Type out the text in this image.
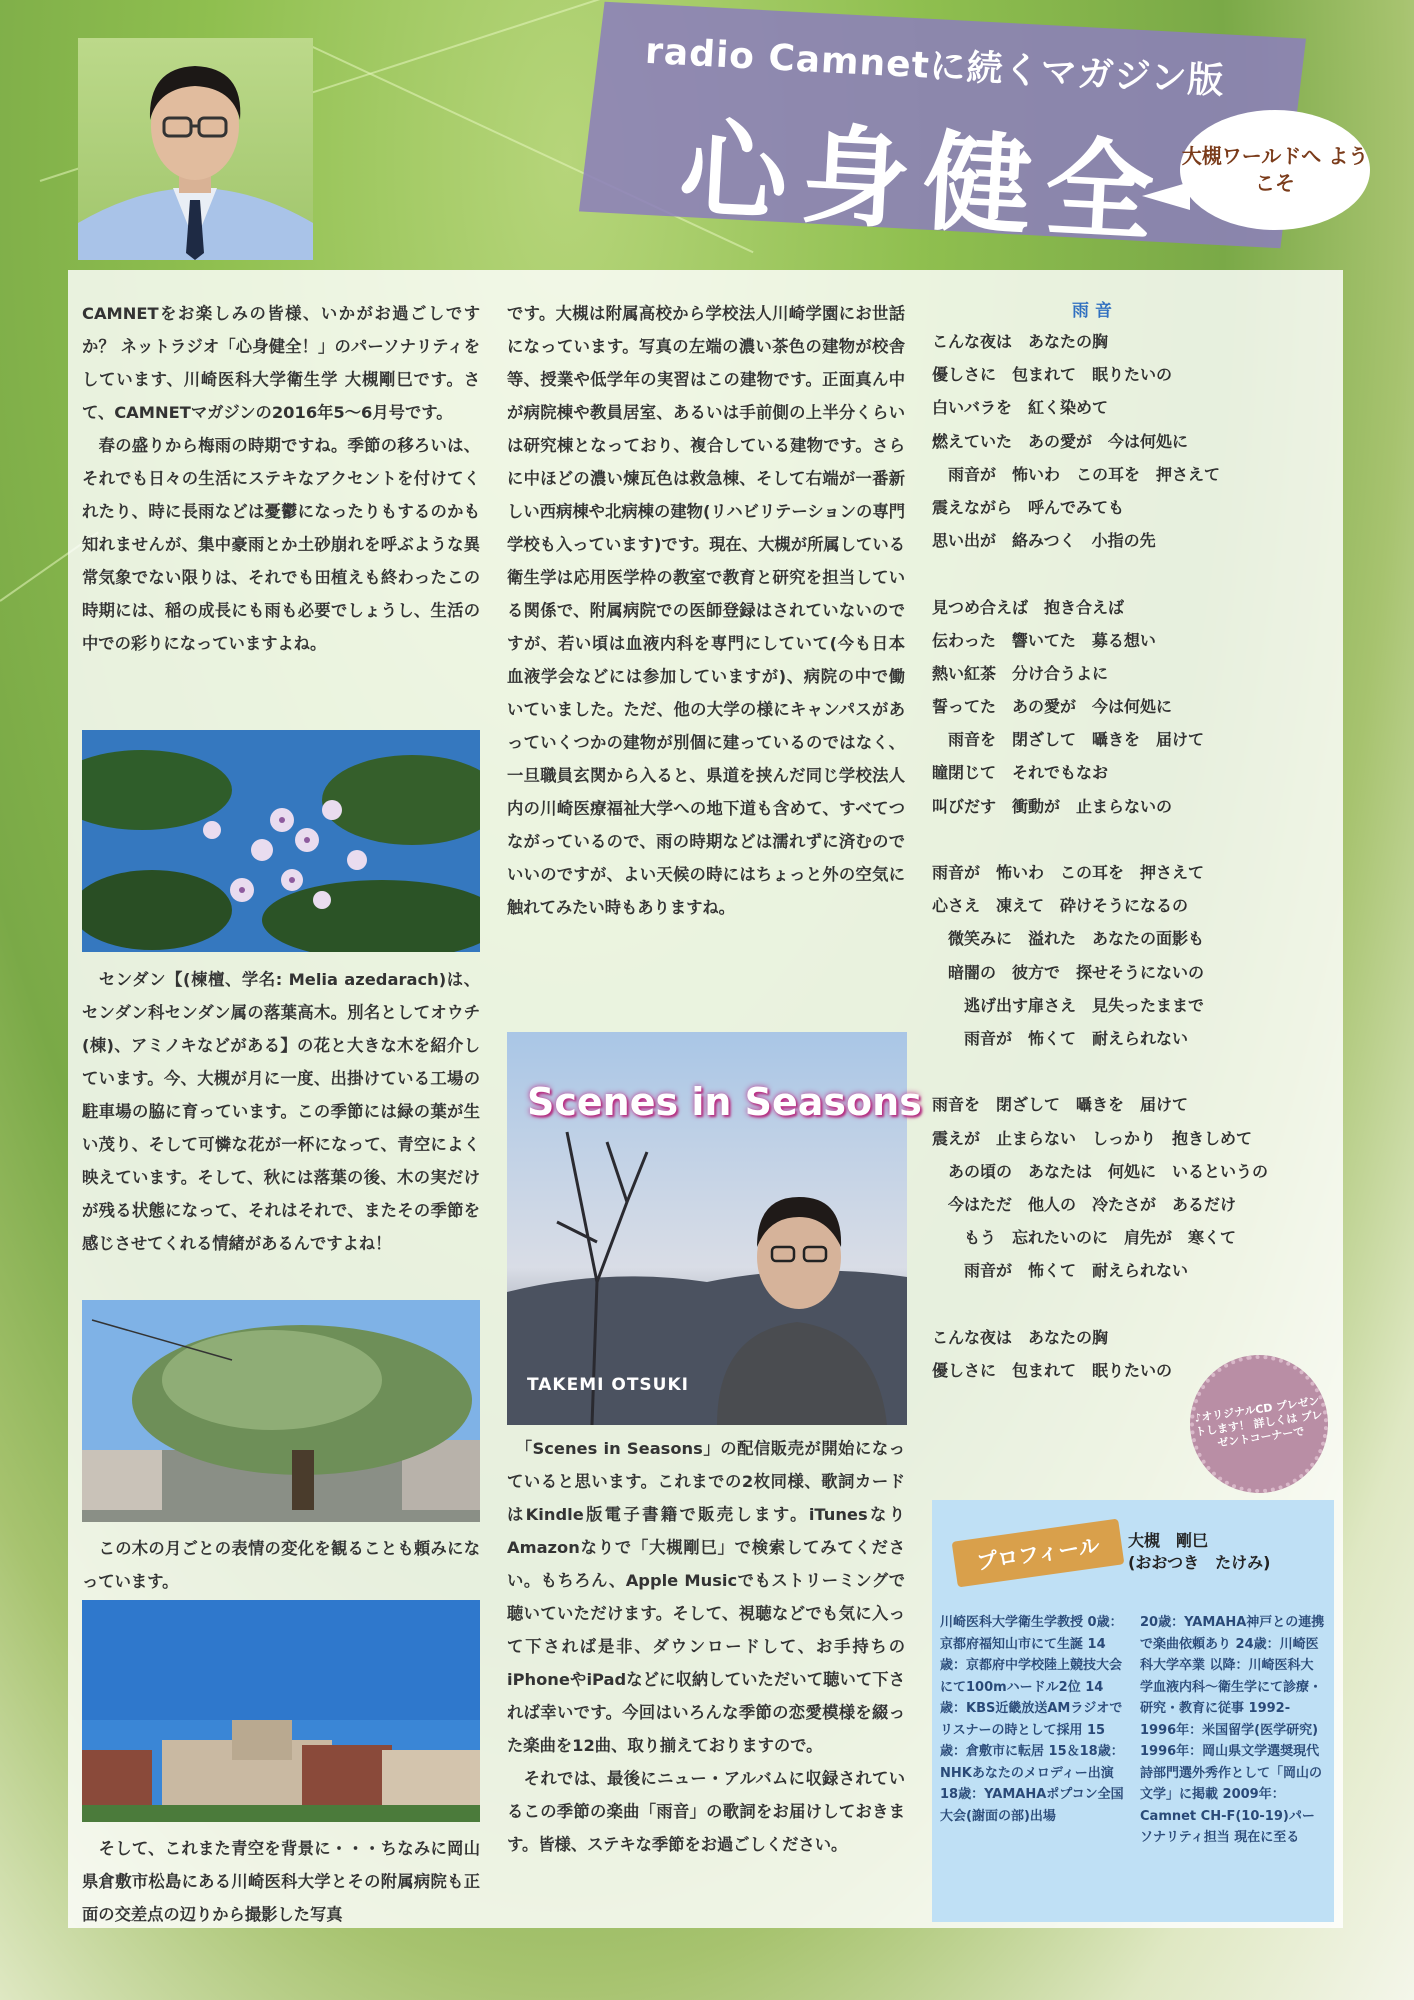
radio Camnetに続くマガジン版
心身健全 大槻ワールドへ ようこそ

CAMNETをお楽しみの皆様、いかがお過ごしですか？ ネットラジオ「心身健全！」のパーソナリティをしています、川崎医科大学衛生学 大槻剛巳です。さて、CAMNETマガジンの2016年5～6月号です。

　春の盛りから梅雨の時期ですね。季節の移ろいは、それでも日々の生活にステキなアクセントを付けてくれたり、時に長雨などは憂鬱になったりもするのかも知れませんが、集中豪雨とか土砂崩れを呼ぶような異常気象でない限りは、それでも田植えも終わったこの時期には、稲の成長にも雨も必要でしょうし、生活の中での彩りになっていますよね。

　センダン【(楝檀、学名: Melia azedarach)は、センダン科センダン属の落葉高木。別名としてオウチ(棟)、アミノキなどがある】の花と大きな木を紹介しています。今、大槻が月に一度、出掛けている工場の駐車場の脇に育っています。この季節には緑の葉が生い茂り、そして可憐な花が一杯になって、青空によく映えています。そして、秋には落葉の後、木の実だけが残る状態になって、それはそれで、またその季節を感じさせてくれる情緒があるんですよね！

　この木の月ごとの表情の変化を観ることも頼みになっています。

　そして、これまた青空を背景に・・・ちなみに岡山県倉敷市松島にある川崎医科大学とその附属病院も正面の交差点の辺りから撮影した写真

です。大槻は附属高校から学校法人川崎学園にお世話になっています。写真の左端の濃い茶色の建物が校舎等、授業や低学年の実習はこの建物です。正面真ん中が病院棟や教員居室、あるいは手前側の上半分くらいは研究棟となっており、複合している建物です。さらに中ほどの濃い煉瓦色は救急棟、そして右端が一番新しい西病棟や北病棟の建物(リハビリテーションの専門学校も入っています)です。現在、大槻が所属している衛生学は応用医学枠の教室で教育と研究を担当している関係で、附属病院での医師登録はされていないのですが、若い頃は血液内科を専門にしていて(今も日本血液学会などには参加していますが)、病院の中で働いていました。ただ、他の大学の様にキャンパスがあっていくつかの建物が別個に建っているのではなく、一旦職員玄関から入ると、県道を挟んだ同じ学校法人内の川崎医療福祉大学への地下道も含めて、すべてつながっているので、雨の時期などは濡れずに済むのでいいのですが、よい天候の時にはちょっと外の空気に触れてみたい時もありますね。

Scenes in Seasons
TAKEMI OTSUKI

　「Scenes in Seasons」の配信販売が開始になっていると思います。これまでの2枚同様、歌詞カードはKindle版電子書籍で販売します。iTunesなりAmazonなりで「大槻剛巳」で検索してみてください。もちろん、Apple Musicでもストリーミングで聴いていただけます。そして、視聴などでも気に入って下されば是非、ダウンロードして、お手持ちのiPhoneやiPadなどに収納していただいて聴いて下されば幸いです。今回はいろんな季節の恋愛模様を綴った楽曲を12曲、取り揃えておりますので。

　それでは、最後にニュー・アルバムに収録されているこの季節の楽曲「雨音」の歌詞をお届けしておきます。皆様、ステキな季節をお過ごしください。

雨 音
こんな夜は　あなたの胸
優しさに　包まれて　眠りたいの
白いバラを　紅く染めて
燃えていた　あの愛が　今は何処に
　雨音が　怖いわ　この耳を　押さえて
震えながら　呼んでみても
思い出が　絡みつく　小指の先
見つめ合えば　抱き合えば
伝わった　響いてた　募る想い
熱い紅茶　分け合うよに
誓ってた　あの愛が　今は何処に
　雨音を　閉ざして　囁きを　届けて
瞳閉じて　それでもなお
叫びだす　衝動が　止まらないの
雨音が　怖いわ　この耳を　押さえて
心さえ　凍えて　砕けそうになるの
　微笑みに　溢れた　あなたの面影も
　暗闇の　彼方で　探せそうにないの
　　逃げ出す扉さえ　見失ったままで
　　雨音が　怖くて　耐えられない
雨音を　閉ざして　囁きを　届けて
震えが　止まらない　しっかり　抱きしめて
　あの頃の　あなたは　何処に　いるというの
　今はただ　他人の　冷たさが　あるだけ
　　もう　忘れたいのに　肩先が　寒くて
　　雨音が　怖くて　耐えられない
こんな夜は　あなたの胸
優しさに　包まれて　眠りたいの
♪オリジナルCD プレゼントします！ 詳しくは プレゼントコーナーで
プロフィール	大槻　剛巳
(おおつき　たけみ)
川崎医科大学衛生学教授 0歳：京都府福知山市にて生誕 14歳：京都府中学校陸上競技大会にて100mハードル2位 14歳：KBS近畿放送AMラジオでリスナーの時として採用 15歳：倉敷市に転居 15＆18歳：NHKあなたのメロディー出演 18歳：YAMAHAポプコン全国大会(謝面の部)出場
20歳：YAMAHA神戸との連携で楽曲依頼あり 24歳：川崎医科大学卒業 以降：川崎医科大学血液内科～衛生学にて診療・研究・教育に従事 1992-1996年：米国留学(医学研究) 1996年：岡山県文学選奨現代詩部門選外秀作として「岡山の文学」に掲載 2009年：Camnet CH-F(10-19)パーソナリティ担当 現在に至る
